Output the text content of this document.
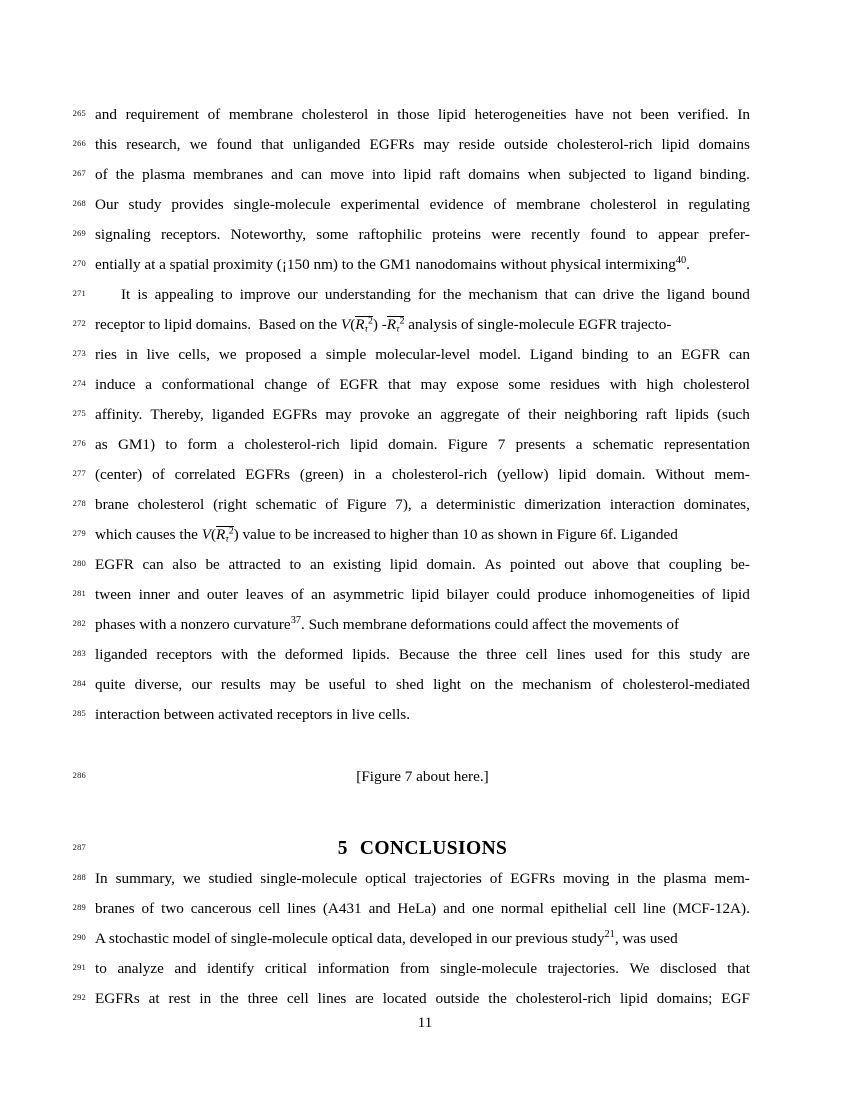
265 and requirement of membrane cholesterol in those lipid heterogeneities have not been verified. In
266 this research, we found that unliganded EGFRs may reside outside cholesterol-rich lipid domains
267 of the plasma membranes and can move into lipid raft domains when subjected to ligand binding.
268 Our study provides single-molecule experimental evidence of membrane cholesterol in regulating
269 signaling receptors. Noteworthy, some raftophilic proteins were recently found to appear prefer-
270 entially at a spatial proximity (¡150 nm) to the GM1 nanodomains without physical intermixing$^{40}$.
271 It is appealing to improve our understanding for the mechanism that can drive the ligand bound
272 receptor to lipid domains.  Based on the $V(R_\tau^2)$ $-R_\tau^2$ analysis of single-molecule EGFR trajecto-
273 ries in live cells, we proposed a simple molecular-level model. Ligand binding to an EGFR can
274 induce a conformational change of EGFR that may expose some residues with high cholesterol
275 affinity. Thereby, liganded EGFRs may provoke an aggregate of their neighboring raft lipids (such
276 as GM1) to form a cholesterol-rich lipid domain. Figure 7 presents a schematic representation
277 (center) of correlated EGFRs (green) in a cholesterol-rich (yellow) lipid domain. Without mem-
278 brane cholesterol (right schematic of Figure 7), a deterministic dimerization interaction dominates,
279 which causes the $V(R_\tau^2)$ value to be increased to higher than 10 as shown in Figure 6f. Liganded
280 EGFR can also be attracted to an existing lipid domain. As pointed out above that coupling be-
281 tween inner and outer leaves of an asymmetric lipid bilayer could produce inhomogeneities of lipid
282 phases with a nonzero curvature$^{37}$. Such membrane deformations could affect the movements of
283 liganded receptors with the deformed lipids. Because the three cell lines used for this study are
284 quite diverse, our results may be useful to shed light on the mechanism of cholesterol-mediated
285 interaction between activated receptors in live cells.
286	[Figure 7 about here.]
287	5 CONCLUSIONS
288 In summary, we studied single-molecule optical trajectories of EGFRs moving in the plasma mem-
289 branes of two cancerous cell lines (A431 and HeLa) and one normal epithelial cell line (MCF-12A).
290 A stochastic model of single-molecule optical data, developed in our previous study$^{21}$, was used
291 to analyze and identify critical information from single-molecule trajectories. We disclosed that
292 EGFRs at rest in the three cell lines are located outside the cholesterol-rich lipid domains; EGF
11
